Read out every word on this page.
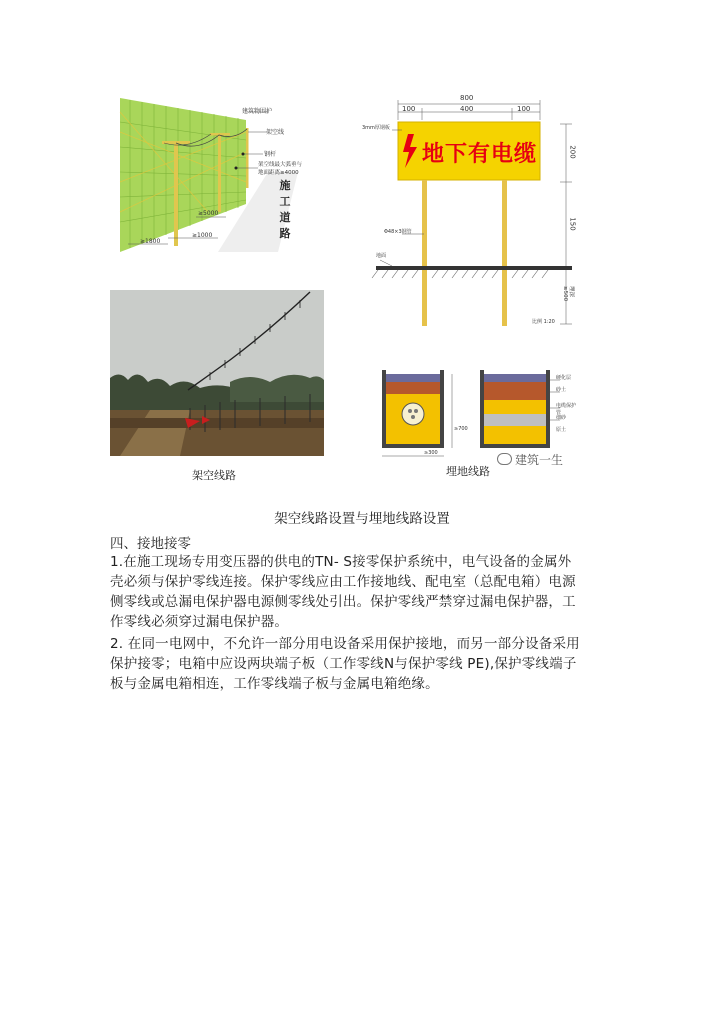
建筑物围护
架空线
钢杆
架空线最大弧垂与
地面距离≥4000
≥5000
≥1000
≥1800
施
工
道
路
地下有电缆
800
100	400	100
200
150
埋深≥500
3mm厚钢板
Φ48×3钢管
地面
比例 1:20
架空线路
硬化层
砂土
电缆保护管
细砂
原土
≥300
≥700
埋地线路
建筑一生
架空线路设置与埋地线路设置
四、接地接零
1.在施工现场专用变压器的供电的TN- S接零保护系统中，电气设备的金属外
壳必须与保护零线连接。保护零线应由工作接地线、配电室（总配电箱）电源
侧零线或总漏电保护器电源侧零线处引出。保护零线严禁穿过漏电保护器，工
作零线必须穿过漏电保护器。
2. 在同一电网中，不允许一部分用电设备采用保护接地，而另一部分设备采用
保护接零；电箱中应设两块端子板（工作零线N与保护零线 PE),保护零线端子
板与金属电箱相连，工作零线端子板与金属电箱绝缘。
